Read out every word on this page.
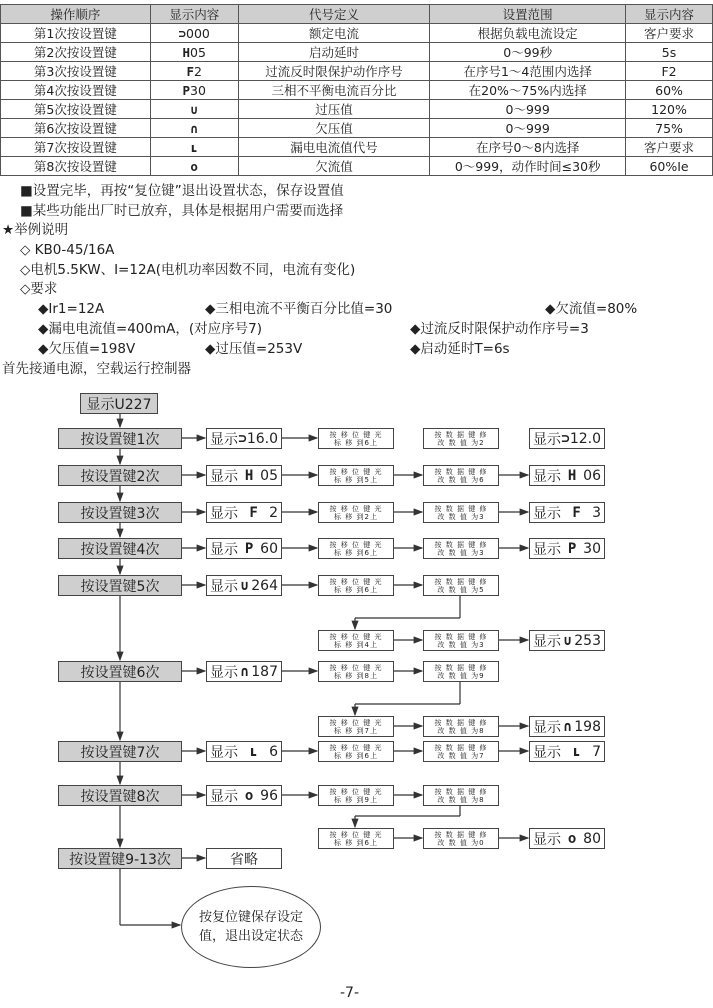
操作顺序	显示内容	代号定义	设置范围	显示内容
第1次按设置键	⊃000	额定电流	根据负载电流设定	客户要求
第2次按设置键	H05	启动延时	0～99秒	5s
第3次按设置键	F2	过流反时限保护动作序号	在序号1～4范围内选择	F2
第4次按设置键	P30	三相不平衡电流百分比	在20%～75%内选择	60%
第5次按设置键	∪	过压值	0～999	120%
第6次按设置键	∩	欠压值	0～999	75%
第7次按设置键	ʟ	漏电电流值代号	在序号0～8内选择	客户要求
第8次按设置键	o	欠流值	0～999，动作时间≤30秒	60%Ie
■设置完毕，再按“复位键”退出设置状态，保存设置值
■某些功能出厂时已放弃，具体是根据用户需要而选择
★举例说明
◇ KB0-45/16A
◇电机5.5KW、I=12A(电机功率因数不同，电流有变化)
◇要求
◆Ir1=12A	◆三相电流不平衡百分比值=30	◆欠流值=80%
◆漏电电流值=400mA，(对应序号7)	◆过流反时限保护动作序号=3
◆欠压值=198V	◆过压值=253V	◆启动延时T=6s
首先接通电源，空载运行控制器
显示U227
按复位键保存设定
值，退出设定状态
按设置键1次
按设置键2次
按设置键3次
按设置键4次
按设置键5次
按设置键6次
按设置键7次
按设置键8次
按设置键9-13次	省略
显示 ⊃ 16.0	按 移 位 键 光
标 移 到6上
按 数 据 键 修
改 数 值 为2	显示 ⊃ 12.0
显示 H 05	按 移 位 键 光
标 移 到5上
按 数 据 键 修
改 数 值 为6	显示 H 06
显示 F 2	按 移 位 键 光
标 移 到2上
按 数 据 键 修
改 数 值 为3	显示 F 3
显示 P 60	按 移 位 键 光
标 移 到6上
按 数 据 键 修
改 数 值 为3	显示 P 30
显示 ∪ 264	按 移 位 键 光
标 移 到6上
按 数 据 键 修
改 数 值 为5
按 移 位 键 光
标 移 到4上
按 数 据 键 修
改 数 值 为3	显示 ∪ 253
显示 ∩ 187	按 移 位 键 光
标 移 到8上
按 数 据 键 修
改 数 值 为9
按 移 位 键 光
标 移 到7上
按 数 据 键 修
改 数 值 为8	显示 ∩ 198
显示 ʟ 6	按 移 位 键 光
标 移 到6上
按 数 据 键 修
改 数 值 为7	显示 ʟ 7
显示 o 96	按 移 位 键 光
标 移 到9上
按 数 据 键 修
改 数 值 为8
按 移 位 键 光
标 移 到6上
按 数 据 键 修
改 数 值 为0	显示 o 80
-7-
